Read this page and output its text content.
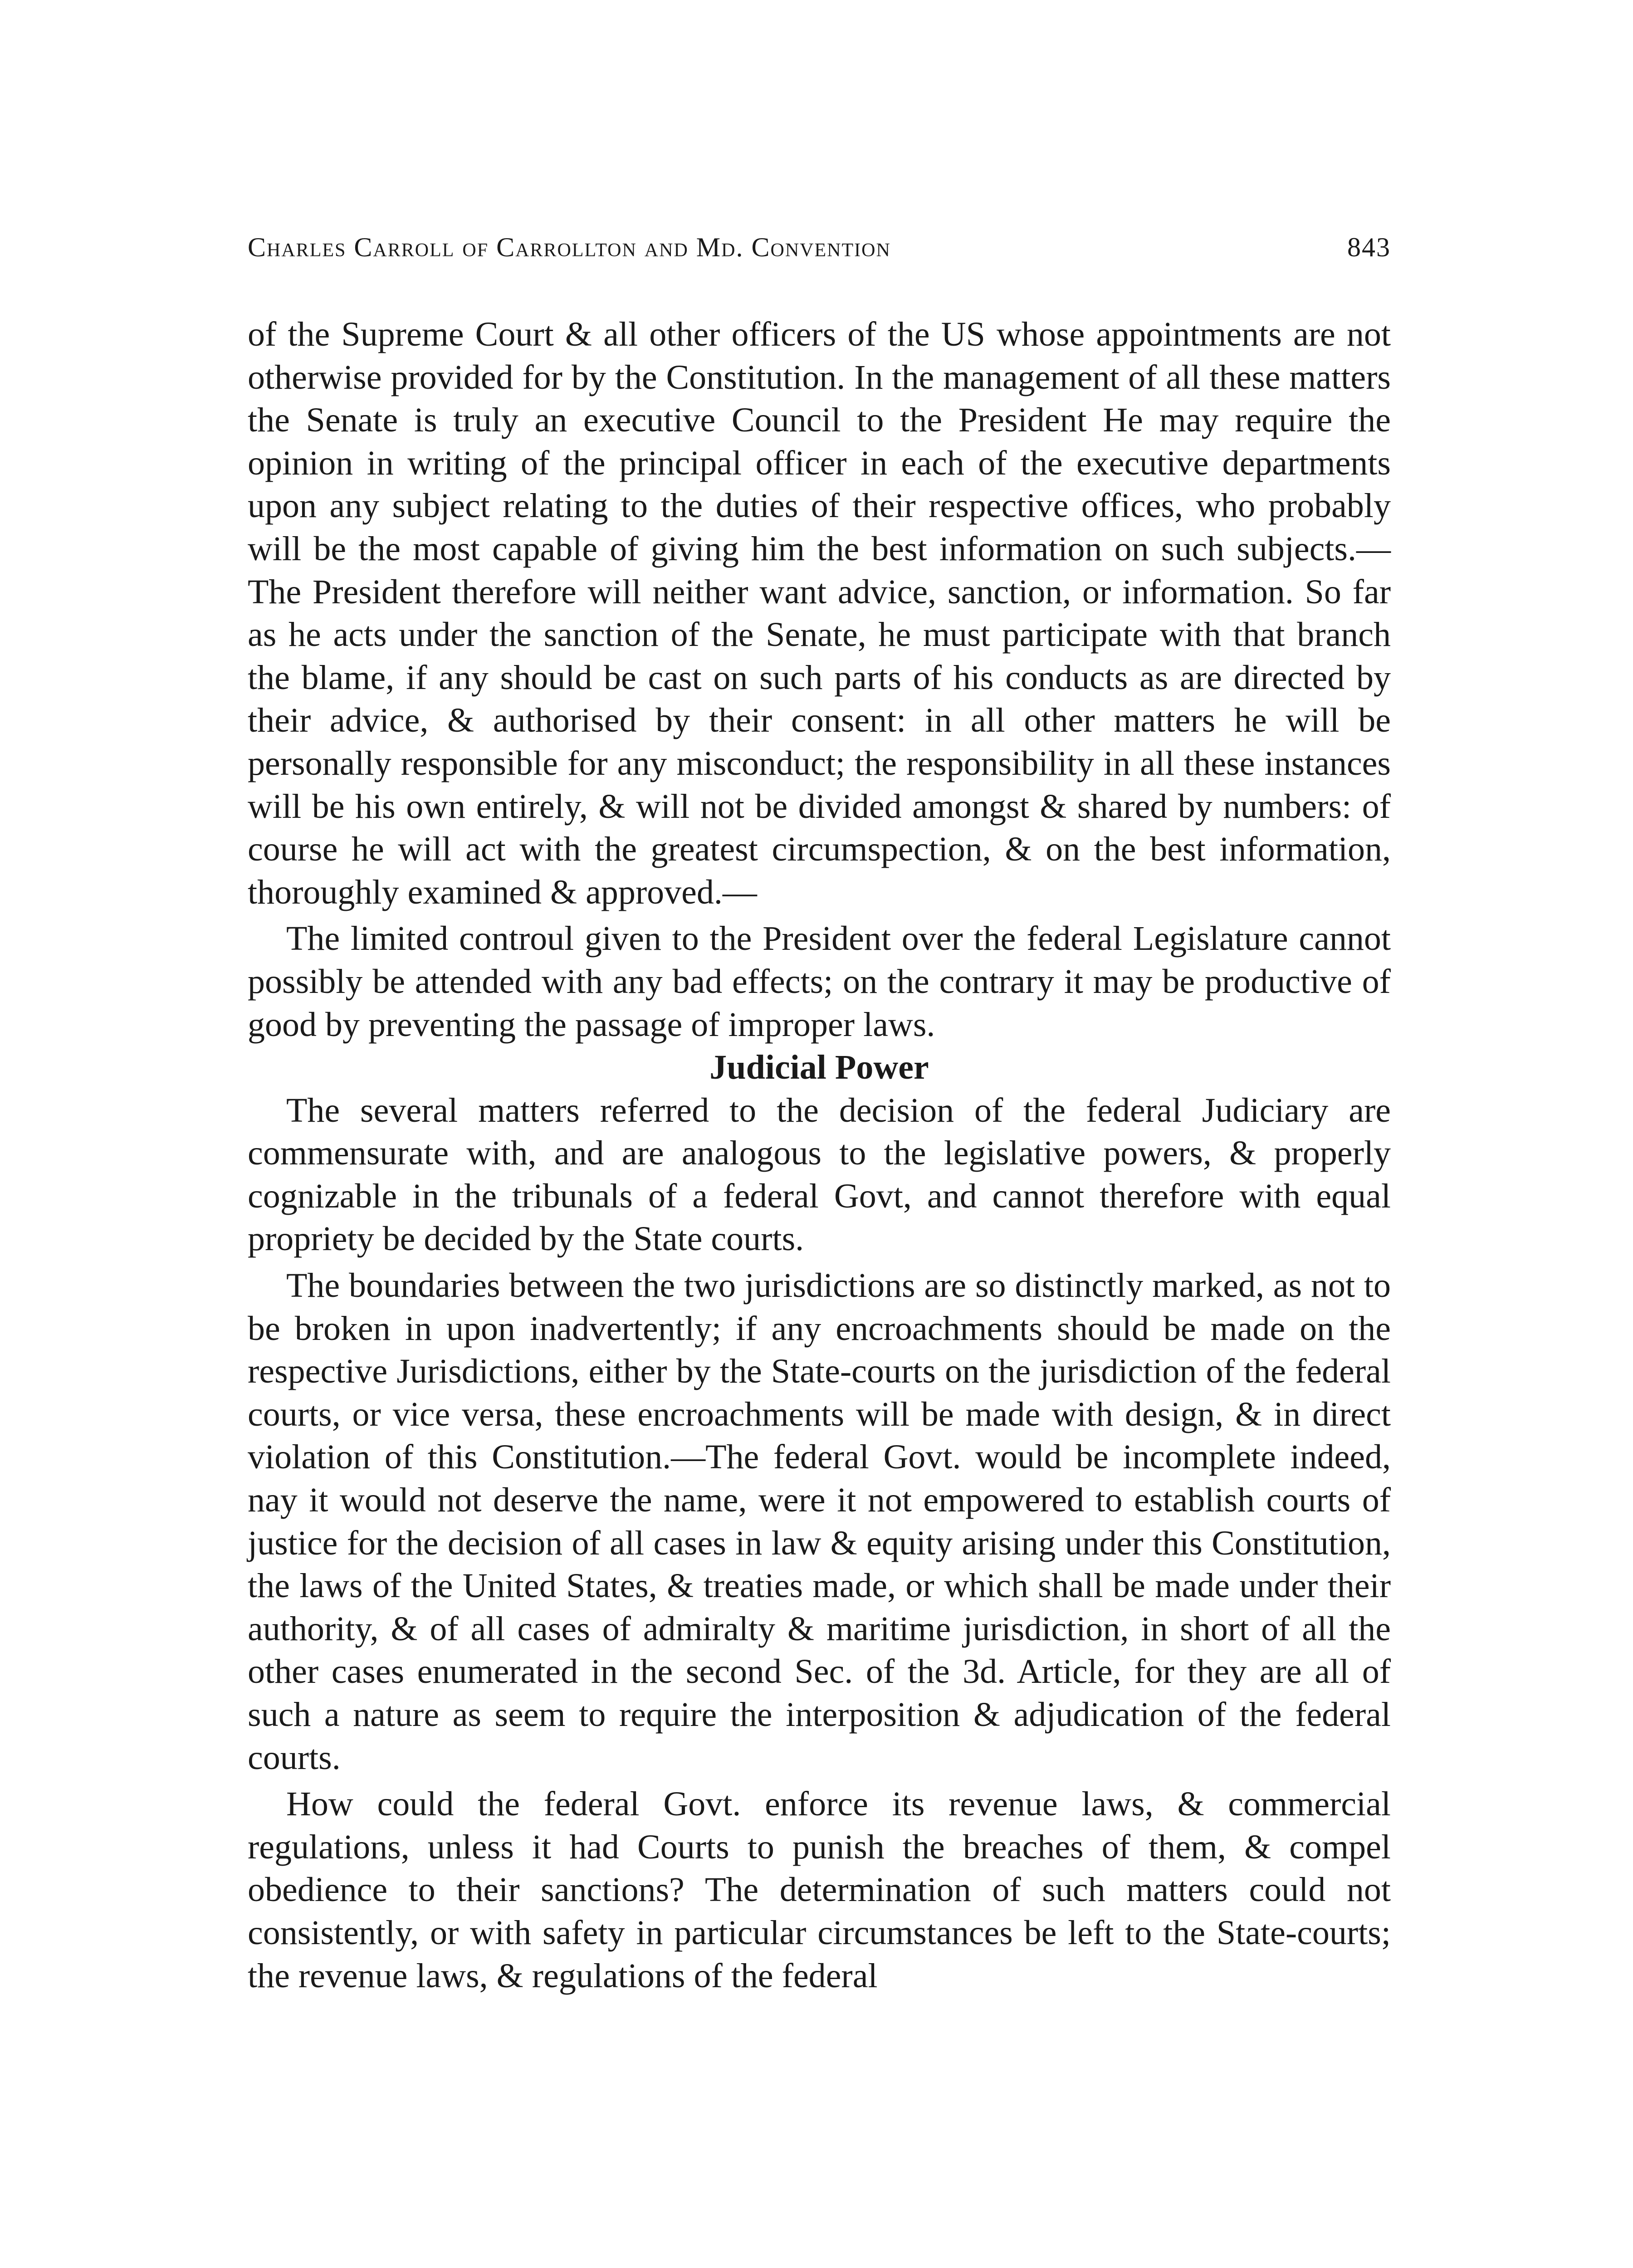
Charles Carroll of Carrollton and Md. Convention	843

of the Supreme Court & all other officers of the US whose appointments are not otherwise provided for by the Constitution. In the management of all these matters the Senate is truly an executive Council to the President He may require the opinion in writing of the principal officer in each of the executive departments upon any subject relating to the duties of their respective offices, who probably will be the most capable of giving him the best information on such subjects.—The President therefore will neither want advice, sanction, or information. So far as he acts under the sanction of the Senate, he must participate with that branch the blame, if any should be cast on such parts of his conducts as are directed by their advice, & authorised by their consent: in all other matters he will be personally responsible for any misconduct; the responsibility in all these instances will be his own entirely, & will not be divided amongst & shared by numbers: of course he will act with the greatest circumspection, & on the best information, thoroughly examined & approved.—

The limited controul given to the President over the federal Legislature cannot possibly be attended with any bad effects; on the contrary it may be productive of good by preventing the passage of improper laws.

Judicial Power

The several matters referred to the decision of the federal Judiciary are commensurate with, and are analogous to the legislative powers, & properly cognizable in the tribunals of a federal Govt, and cannot therefore with equal propriety be decided by the State courts.

The boundaries between the two jurisdictions are so distinctly marked, as not to be broken in upon inadvertently; if any encroachments should be made on the respective Jurisdictions, either by the State-courts on the jurisdiction of the federal courts, or vice versa, these encroachments will be made with design, & in direct violation of this Constitution.—The federal Govt. would be incomplete indeed, nay it would not deserve the name, were it not empowered to establish courts of justice for the decision of all cases in law & equity arising under this Constitution, the laws of the United States, & treaties made, or which shall be made under their authority, & of all cases of admiralty & maritime jurisdiction, in short of all the other cases enumerated in the second Sec. of the 3d. Article, for they are all of such a nature as seem to require the interposition & adjudication of the federal courts.

How could the federal Govt. enforce its revenue laws, & commercial regulations, unless it had Courts to punish the breaches of them, & compel obedience to their sanctions? The determination of such matters could not consistently, or with safety in particular circumstances be left to the State-courts; the revenue laws, & regulations of the federal
